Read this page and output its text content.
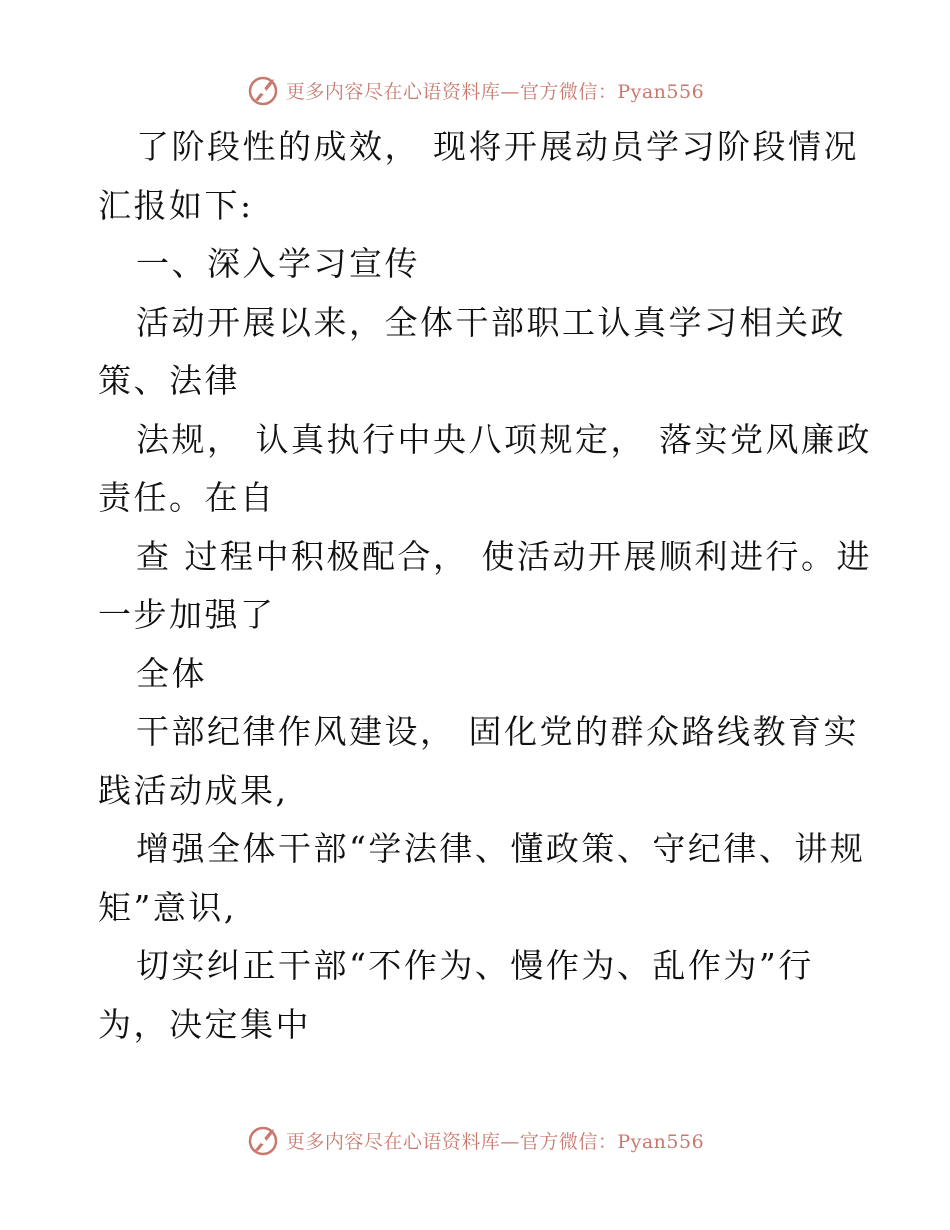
更多内容尽在心语资料库—官方微信：Pyan556
了阶段性的成效， 现将开展动员学习阶段情况
汇报如下:
一、深入学习宣传
活动开展以来，全体干部职工认真学习相关政
策、法律
法规， 认真执行中央八项规定， 落实党风廉政
责任。在自
查 过程中积极配合， 使活动开展顺利进行。进
一步加强了
全体
干部纪律作风建设， 固化党的群众路线教育实
践活动成果,
增强全体干部“学法律、懂政策、守纪律、讲规
矩”意识,
切实纠正干部“不作为、慢作为、乱作为”行
为，决定集中
更多内容尽在心语资料库—官方微信：Pyan556
